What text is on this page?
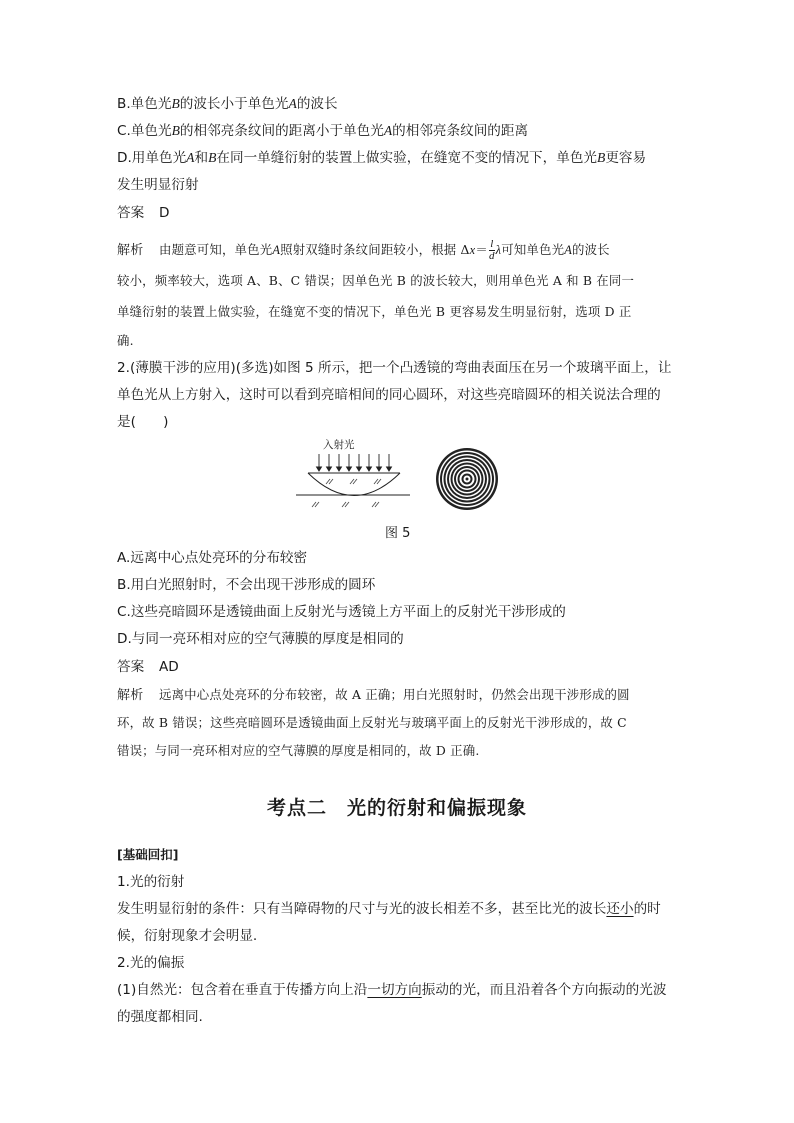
B.单色光B的波长小于单色光A的波长
C.单色光B的相邻亮条纹间的距离小于单色光A的相邻亮条纹间的距离
D.用单色光A和B在同一单缝衍射的装置上做实验，在缝宽不变的情况下，单色光B更容易
发生明显衍射
答案 D
解析 由题意可知，单色光A照射双缝时条纹间距较小，根据 $\Delta x= \frac{l}{d}$ λ可知单色光A的波长
较小，频率较大，选项 A、B、C 错误；因单色光 B 的波长较大，则用单色光 A 和 B 在同一
单缝衍射的装置上做实验，在缝宽不变的情况下，单色光 B 更容易发生明显衍射，选项 D 正
确.
2.(薄膜干涉的应用)(多选)如图 5 所示，把一个凸透镜的弯曲表面压在另一个玻璃平面上，让
单色光从上方射入，这时可以看到亮暗相间的同心圆环，对这些亮暗圆环的相关说法合理的
是(　　)
入射光
图 5
A.远离中心点处亮环的分布较密
B.用白光照射时，不会出现干涉形成的圆环
C.这些亮暗圆环是透镜曲面上反射光与透镜上方平面上的反射光干涉形成的
D.与同一亮环相对应的空气薄膜的厚度是相同的
答案 AD
解析 远离中心点处亮环的分布较密，故 A 正确；用白光照射时，仍然会出现干涉形成的圆
环，故 B 错误；这些亮暗圆环是透镜曲面上反射光与玻璃平面上的反射光干涉形成的，故 C
错误；与同一亮环相对应的空气薄膜的厚度是相同的，故 D 正确.
考点二　光的衍射和偏振现象
[基础回扣]
1.光的衍射
发生明显衍射的条件：只有当障碍物的尺寸与光的波长相差不多，甚至比光的波长还小的时
候，衍射现象才会明显.
2.光的偏振
(1)自然光：包含着在垂直于传播方向上沿一切方向振动的光，而且沿着各个方向振动的光波
的强度都相同.
